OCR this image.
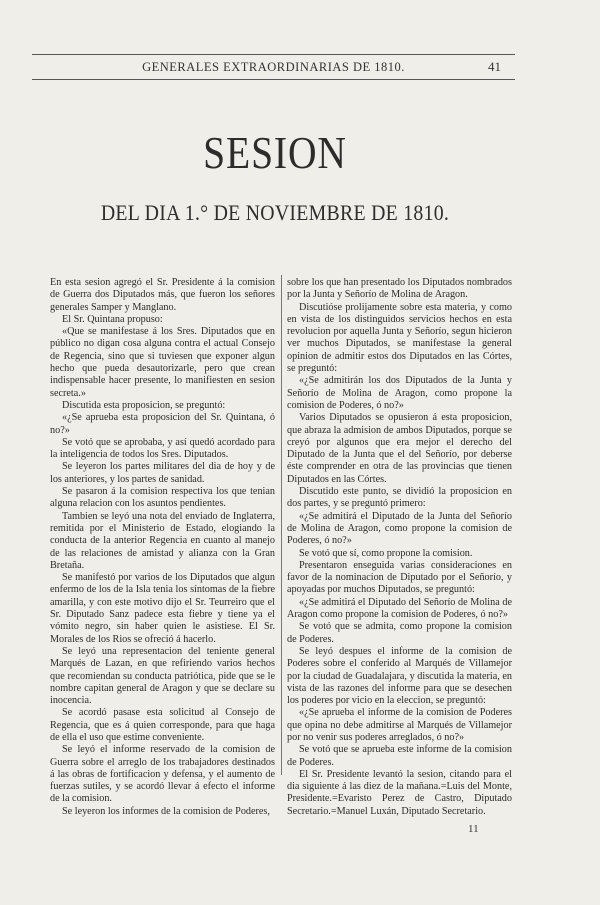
GENERALES EXTRAORDINARIAS DE 1810.	41
SESION
DEL DIA 1.° DE NOVIEMBRE DE 1810.

En esta sesion agregó el Sr. Presidente á la comision de Guerra dos Diputados más, que fueron los señores generales Samper y Manglano.

El Sr. Quintana propuso:

«Que se manifestase á los Sres. Diputados que en público no digan cosa alguna contra el actual Consejo de Regencia, sino que si tuviesen que exponer algun hecho que pueda desautorizarle, pero que crean indispensable hacer presente, lo manifiesten en sesion secreta.»

Discutida esta proposicion, se preguntó:

«¿Se aprueba esta proposicion del Sr. Quintana, ó no?»

Se votó que se aprobaba, y así quedó acordado para la inteligencia de todos los Sres. Diputados.

Se leyeron los partes militares del dia de hoy y de los anteriores, y los partes de sanidad.

Se pasaron á la comision respectiva los que tenian alguna relacion con los asuntos pendientes.

Tambien se leyó una nota del enviado de Inglaterra, remitida por el Ministerio de Estado, elogiando la conducta de la anterior Regencia en cuanto al manejo de las relaciones de amistad y alianza con la Gran Bretaña.

Se manifestó por varios de los Diputados que algun enfermo de los de la Isla tenia los síntomas de la fiebre amarilla, y con este motivo dijo el Sr. Teurreiro que el Sr. Diputado Sanz padece esta fiebre y tiene ya el vómito negro, sin haber quien le asistiese. El Sr. Morales de los Rios se ofreció á hacerlo.

Se leyó una representacion del teniente general Marqués de Lazan, en que refiriendo varios hechos que recomiendan su conducta patriótica, pide que se le nombre capitan general de Aragon y que se declare su inocencia.

Se acordó pasase esta solicitud al Consejo de Regencia, que es á quien corresponde, para que haga de ella el uso que estime conveniente.

Se leyó el informe reservado de la comision de Guerra sobre el arreglo de los trabajadores destinados á las obras de fortificacion y defensa, y el aumento de fuerzas sutiles, y se acordó llevar á efecto el informe de la comision.

Se leyeron los informes de la comision de Poderes,

sobre los que han presentado los Diputados nombrados por la Junta y Señorío de Molina de Aragon.

Discutióse prolijamente sobre esta materia, y como en vista de los distinguidos servicios hechos en esta revolucion por aquella Junta y Señorío, segun hicieron ver muchos Diputados, se manifestase la general opinion de admitir estos dos Diputados en las Córtes, se preguntó:

«¿Se admitirán los dos Diputados de la Junta y Señorío de Molina de Aragon, como propone la comision de Poderes, ó no?»

Varios Diputados se opusieron á esta proposicion, que abraza la admision de ambos Diputados, porque se creyó por algunos que era mejor el derecho del Diputado de la Junta que el del Señorío, por deberse éste comprender en otra de las provincias que tienen Diputados en las Córtes.

Discutido este punto, se dividió la proposicion en dos partes, y se preguntó primero:

«¿Se admitirá el Diputado de la Junta del Señorío de Molina de Aragon, como propone la comision de Poderes, ó no?»

Se votó que sí, como propone la comision.

Presentaron enseguida varias consideraciones en favor de la nominacion de Diputado por el Señorío, y apoyadas por muchos Diputados, se preguntó:

«¿Se admitirá el Diputado del Señorío de Molina de Aragon como propone la comision de Poderes, ó no?»

Se votó que se admita, como propone la comision de Poderes.

Se leyó despues el informe de la comision de Poderes sobre el conferido al Marqués de Villamejor por la ciudad de Guadalajara, y discutida la materia, en vista de las razones del informe para que se desechen los poderes por vicio en la eleccion, se preguntó:

«¿Se aprueba el informe de la comision de Poderes que opina no debe admitirse al Marqués de Villamejor por no venir sus poderes arreglados, ó no?»

Se votó que se aprueba este informe de la comision de Poderes.

El Sr. Presidente levantó la sesion, citando para el dia siguiente á las diez de la mañana.=Luis del Monte, Presidente.=Evaristo Perez de Castro, Diputado Secretario.=Manuel Luxán, Diputado Secretario.

11
